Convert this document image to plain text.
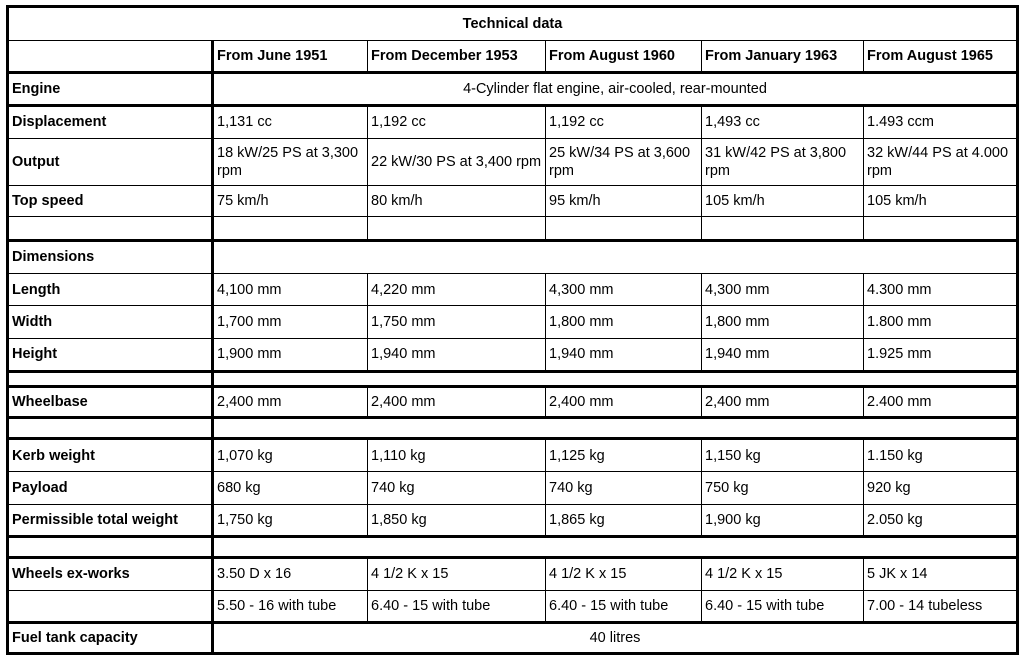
Technical data					
	From June 1951	From December 1953	From August 1960	From January 1963	From August 1965
Engine	4-Cylinder flat engine, air-cooled, rear-mounted				
Displacement	1,131 cc	1,192 cc	1,192 cc	1,493 cc	1.493 ccm
Output	18 kW/25 PS at 3,300 rpm	22 kW/30 PS at 3,400 rpm	25 kW/34 PS at 3,600 rpm	31 kW/42 PS at 3,800 rpm	32 kW/44 PS at 4.000 rpm
Top speed	75 km/h	80 km/h	95 km/h	105 km/h	105 km/h

Dimensions					
Length	4,100 mm	4,220 mm	4,300 mm	4,300 mm	4.300 mm
Width	1,700 mm	1,750 mm	1,800 mm	1,800 mm	1.800 mm
Height	1,900 mm	1,940 mm	1,940 mm	1,940 mm	1.925 mm

Wheelbase	2,400 mm	2,400 mm	2,400 mm	2,400 mm	2.400 mm

Kerb weight	1,070 kg	1,110 kg	1,125 kg	1,150 kg	1.150 kg
Payload	680 kg	740 kg	740 kg	750 kg	920 kg
Permissible total weight	1,750 kg	1,850 kg	1,865 kg	1,900 kg	2.050 kg

Wheels ex-works	3.50 D x 16	4 1/2 K x 15	4 1/2 K x 15	4 1/2 K x 15	5 JK x 14
	5.50 - 16 with tube	6.40 - 15 with tube	6.40 - 15 with tube	6.40 - 15 with tube	7.00 - 14 tubeless
Fuel tank capacity	40 litres				
